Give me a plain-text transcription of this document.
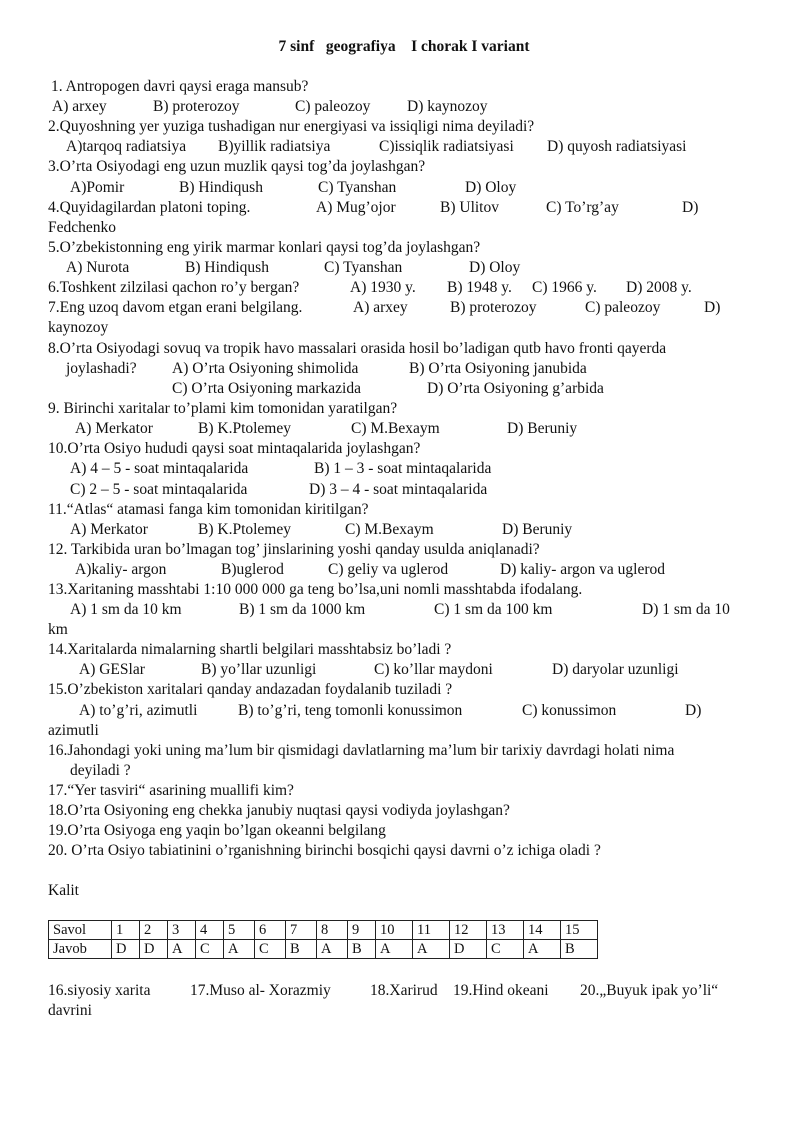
7 sinf   geografiya    I chorak I variant
1. Antropogen davri qaysi eraga mansub?
A) arxey	B) proterozoy	C) paleozoy D) kaynozoy
2.Quyoshning yer yuziga tushadigan nur energiyasi va issiqligi nima deyiladi?
A)tarqoq radiatsiya B)yillik radiatsiya	C)issiqlik radiatsiyasi D) quyosh radiatsiyasi
3.O’rta Osiyodagi eng uzun muzlik qaysi tog’da joylashgan?
A)Pomir	B) Hindiqush	C) Tyanshan	D) Oloy
4.Quyidagilardan platoni toping.	A) Mug’ojor	B) Ulitov	C) To’rg’ay	D)
Fedchenko
5.O’zbekistonning eng yirik marmar konlari qaysi tog’da joylashgan?
A) Nurota	B) Hindiqush	C) Tyanshan	D) Oloy
6.Toshkent zilzilasi qachon ro’y bergan?	A) 1930 y. B) 1948 y. C) 1966 y. D) 2008 y.
7.Eng uzoq davom etgan erani belgilang.	A) arxey	B) proterozoy	C) paleozoy	D)
kaynozoy
8.O’rta Osiyodagi sovuq va tropik havo massalari orasida hosil bo’ladigan qutb havo fronti qayerda
joylashadi? A) O’rta Osiyoning shimolida	B) O’rta Osiyoning janubida
C) O’rta Osiyoning markazida	D) O’rta Osiyoning g’arbida
9. Birinchi xaritalar to’plami kim tomonidan yaratilgan?
A) Merkator	B) K.Ptolemey	C) M.Bexaym	D) Beruniy
10.O’rta Osiyo hududi qaysi soat mintaqalarida joylashgan?
A) 4 – 5 - soat mintaqalarida	B) 1 – 3 - soat mintaqalarida
C) 2 – 5 - soat mintaqalarida	D) 3 – 4 - soat mintaqalarida
11.“Atlas“ atamasi fanga kim tomonidan kiritilgan?
A) Merkator	B) K.Ptolemey	C) M.Bexaym	D) Beruniy
12. Tarkibida uran bo’lmagan tog’ jinslarining yoshi qanday usulda aniqlanadi?
A)kaliy- argon	B)uglerod	C) geliy va uglerod	D) kaliy- argon va uglerod
13.Xaritaning masshtabi 1:10 000 000 ga teng bo’lsa,uni nomli masshtabda ifodalang.
A) 1 sm da 10 km	B) 1 sm da 1000 km	C) 1 sm da 100 km	D) 1 sm da 10
km
14.Xaritalarda nimalarning shartli belgilari masshtabsiz bo’ladi ?
A) GESlar	B) yo’llar uzunligi	C) ko’llar maydoni	D) daryolar uzunligi
15.O’zbekiston xaritalari qanday andazadan foydalanib tuziladi ?
A) to’g’ri, azimutli	B) to’g’ri, teng tomonli konussimon	C) konussimon	D)
azimutli
16.Jahondagi yoki uning ma’lum bir qismidagi davlatlarning ma’lum bir tarixiy davrdagi holati nima
deyiladi ?
17.“Yer tasviri“ asarining muallifi kim?
18.O’rta Osiyoning eng chekka janubiy nuqtasi qaysi vodiyda joylashgan?
19.O’rta Osiyoga eng yaqin bo’lgan okeanni belgilang
20. O’rta Osiyo tabiatinini o’rganishning birinchi bosqichi qaysi davrni o’z ichiga oladi ?
Kalit
Savol	1	2	3	4	5	6	7	8	9	10	11	12	13	14	15
Javob	D	D	A	C	A	C	B	A	B	A	A	D	C	A	B
16.siyosiy xarita	17.Muso al- Xorazmiy	18.Xarirud 19.Hind okeani 20.„Buyuk ipak yo’li“
davrini
